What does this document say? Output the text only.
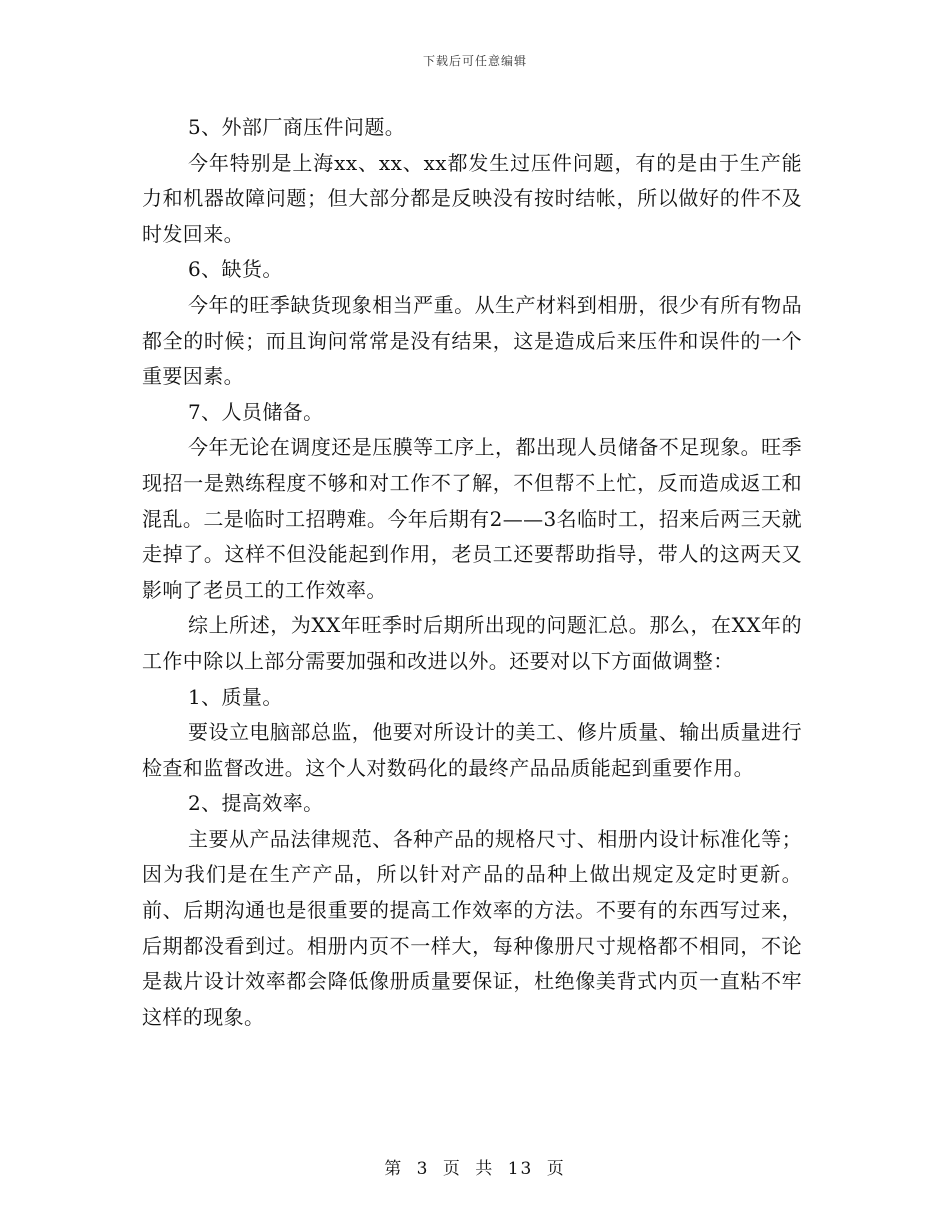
下载后可任意编辑

5、外部厂商压件问题。

今年特别是上海xx、xx、xx都发生过压件问题，有的是由于生产能力和机器故障问题；但大部分都是反映没有按时结帐，所以做好的件不及时发回来。

6、缺货。

今年的旺季缺货现象相当严重。从生产材料到相册，很少有所有物品都全的时候；而且询问常常是没有结果，这是造成后来压件和误件的一个重要因素。

7、人员储备。

今年无论在调度还是压膜等工序上，都出现人员储备不足现象。旺季现招一是熟练程度不够和对工作不了解，不但帮不上忙，反而造成返工和混乱。二是临时工招聘难。今年后期有2——3名临时工，招来后两三天就走掉了。这样不但没能起到作用，老员工还要帮助指导，带人的这两天又影响了老员工的工作效率。

综上所述，为XX年旺季时后期所出现的问题汇总。那么，在XX年的工作中除以上部分需要加强和改进以外。还要对以下方面做调整：

1、质量。

要设立电脑部总监，他要对所设计的美工、修片质量、输出质量进行检查和监督改进。这个人对数码化的最终产品品质能起到重要作用。

2、提高效率。

主要从产品法律规范、各种产品的规格尺寸、相册内设计标准化等；因为我们是在生产产品，所以针对产品的品种上做出规定及定时更新。前、后期沟通也是很重要的提高工作效率的方法。不要有的东西写过来，后期都没看到过。相册内页不一样大，每种像册尺寸规格都不相同，不论是裁片设计效率都会降低像册质量要保证，杜绝像美背式内页一直粘不牢这样的现象。

第 3 页 共 13 页
